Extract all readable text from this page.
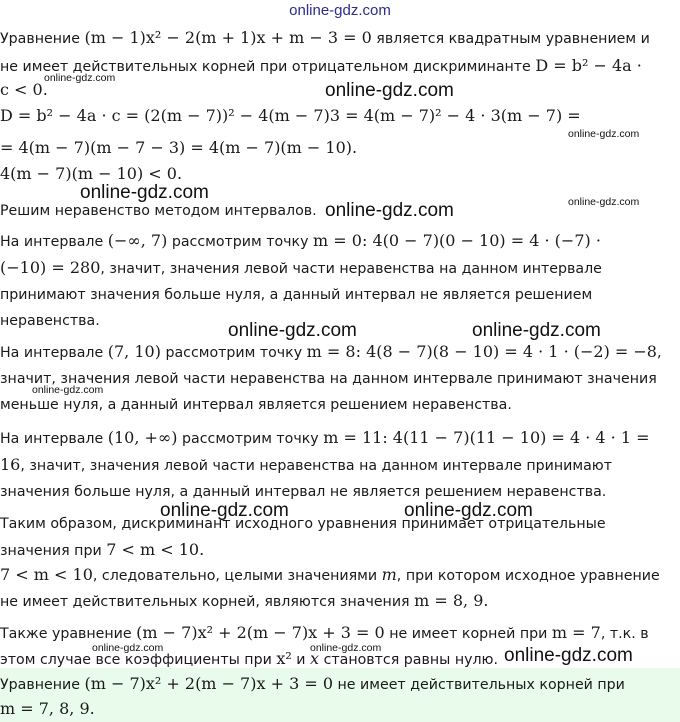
online-gdz.com
Уравнение (m − 1)x² − 2(m + 1)x + m − 3 = 0 является квадратным уравнением и
не имеет действительных корней при отрицательном дискриминанте D = b² − 4a ·
c < 0.
D = b² − 4a · c = (2(m − 7))² − 4(m − 7)3 = 4(m − 7)² − 4 · 3(m − 7) =
= 4(m − 7)(m − 7 − 3) = 4(m − 7)(m − 10).
4(m − 7)(m − 10) < 0.
Решим неравенство методом интервалов.
На интервале (−∞, 7) рассмотрим точку m = 0: 4(0 − 7)(0 − 10) = 4 · (−7) ·
(−10) = 280, значит, значения левой части неравенства на данном интервале
принимают значения больше нуля, а данный интервал не является решением
неравенства.
На интервале (7, 10) рассмотрим точку m = 8: 4(8 − 7)(8 − 10) = 4 · 1 · (−2) = −8,
значит, значения левой части неравенства на данном интервале принимают значения
меньше нуля, а данный интервал является решением неравенства.
На интервале (10, +∞) рассмотрим точку m = 11: 4(11 − 7)(11 − 10) = 4 · 4 · 1 =
16, значит, значения левой части неравенства на данном интервале принимают
значения больше нуля, а данный интервал не является решением неравенства.
Таким образом, дискриминант исходного уравнения принимает отрицательные
значения при 7 < m < 10.
7 < m < 10, следовательно, целыми значениями m, при котором исходное уравнение
не имеет действительных корней, являются значения m = 8, 9.
Также уравнение (m − 7)x² + 2(m − 7)x + 3 = 0 не имеет корней при m = 7, т.к. в
этом случае все коэффициенты при x² и x становтся равны нулю.
Уравнение (m − 7)x² + 2(m − 7)x + 3 = 0 не имеет действительных корней при
m = 7, 8, 9.
online-gdz.com
online-gdz.com
online-gdz.com
online-gdz.com	online-gdz.com
online-gdz.com	online-gdz.com
online-gdz.com
online-gdz.com
online-gdz.com
online-gdz.com
online-gdz.com
online-gdz.com	online-gdz.com
